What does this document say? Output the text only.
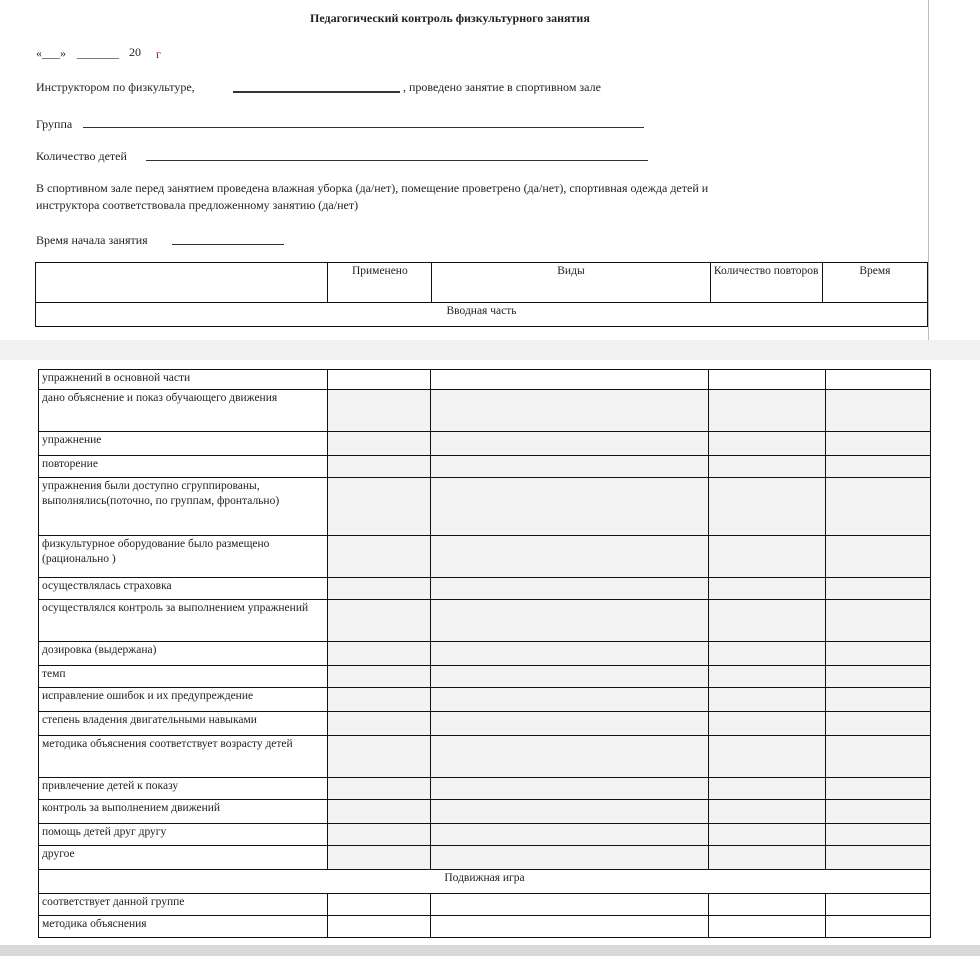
Педагогический контроль физкультурного занятия
«___» _______ 20 г
Инструктором по физкультуре,	, проведено занятие в спортивном зале
Группа
Количество детей
В спортивном зале перед занятием проведена влажная уборка (да/нет), помещение проветрено (да/нет), спортивная одежда детей и
инструктора соответствовала предложенному занятию (да/нет)
Время начала занятия
	Применено	Виды	Количество повторов	Время
Вводная часть
упражнений в основной части				
дано объяснение и показ обучающего движения				
упражнение				
повторение				
упражнения были доступно сгруппированы, выполнялись(поточно, по группам, фронтально)				
физкультурное оборудование было размещено (рационально )				
осуществлялась страховка				
осуществлялся контроль за выполнением упражнений				
дозировка (выдержана)				
темп				
исправление ошибок и их предупреждение				
степень владения двигательными навыками				
методика объяснения соответствует возрасту детей				
привлечение детей к показу				
контроль за выполнением движений				
помощь детей друг другу				
другое				
Подвижная игра				
соответствует данной группе				
методика объяснения				
